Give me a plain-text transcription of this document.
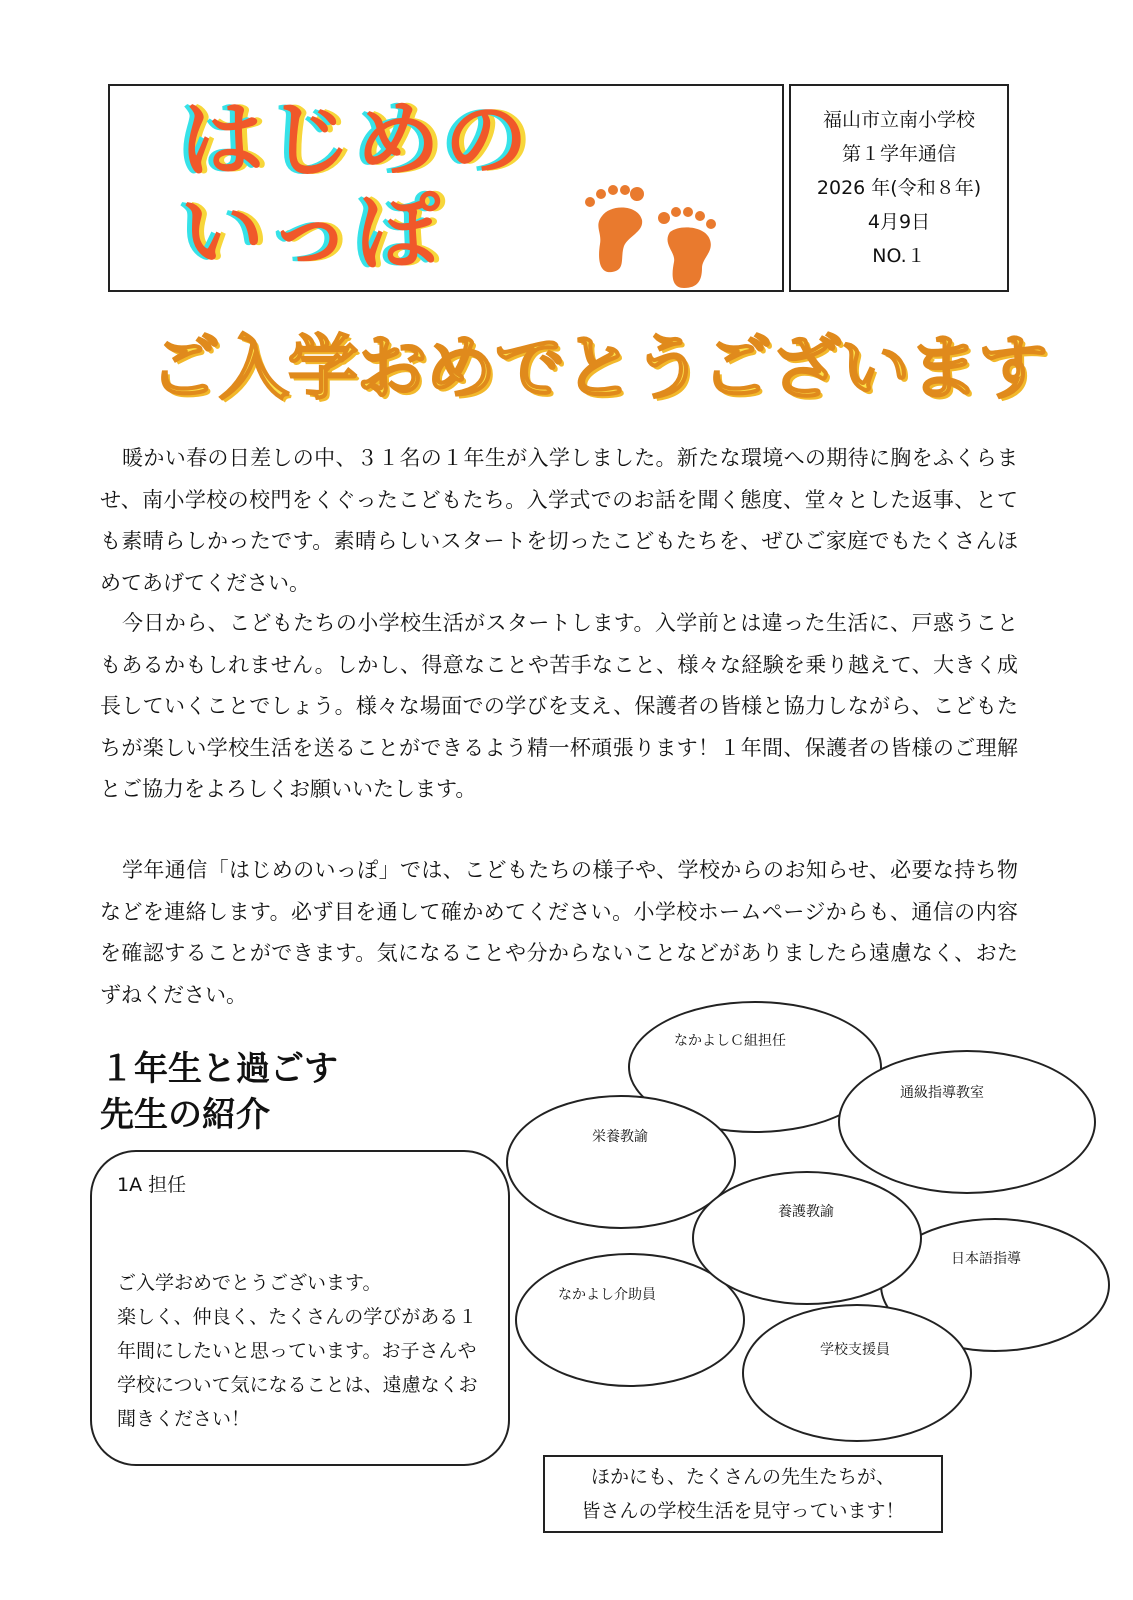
はじめの
いっぽ
福山市立南小学校
第１学年通信
2026 年(令和８年)
4月9日
NO.１
ご入学おめでとうございます

暖かい春の日差しの中、３１名の１年生が入学しました。新たな環境への期待に胸をふくらませ、南小学校の校門をくぐったこどもたち。入学式でのお話を聞く態度、堂々とした返事、とても素晴らしかったです。素晴らしいスタートを切ったこどもたちを、ぜひご家庭でもたくさんほめてあげてください。

今日から、こどもたちの小学校生活がスタートします。入学前とは違った生活に、戸惑うこともあるかもしれません。しかし、得意なことや苦手なこと、様々な経験を乗り越えて、大きく成長していくことでしょう。様々な場面での学びを支え、保護者の皆様と協力しながら、こどもたちが楽しい学校生活を送ることができるよう精一杯頑張ります！１年間、保護者の皆様のご理解とご協力をよろしくお願いいたします。

学年通信「はじめのいっぽ」では、こどもたちの様子や、学校からのお知らせ、必要な持ち物などを連絡します。必ず目を通して確かめてください。小学校ホームページからも、通信の内容を確認することができます。気になることや分からないことなどがありましたら遠慮なく、おたずねください。

１年生と過ごす
先生の紹介
1A 担任
ご入学おめでとうございます。
楽しく、仲良く、たくさんの学びがある１年間にしたいと思っています。お子さんや学校について気になることは、遠慮なくお聞きください！
なかよしＣ組担任
通級指導教室
栄養教諭
養護教諭
日本語指導
なかよし介助員
学校支援員
ほかにも、たくさんの先生たちが、
皆さんの学校生活を見守っています！
